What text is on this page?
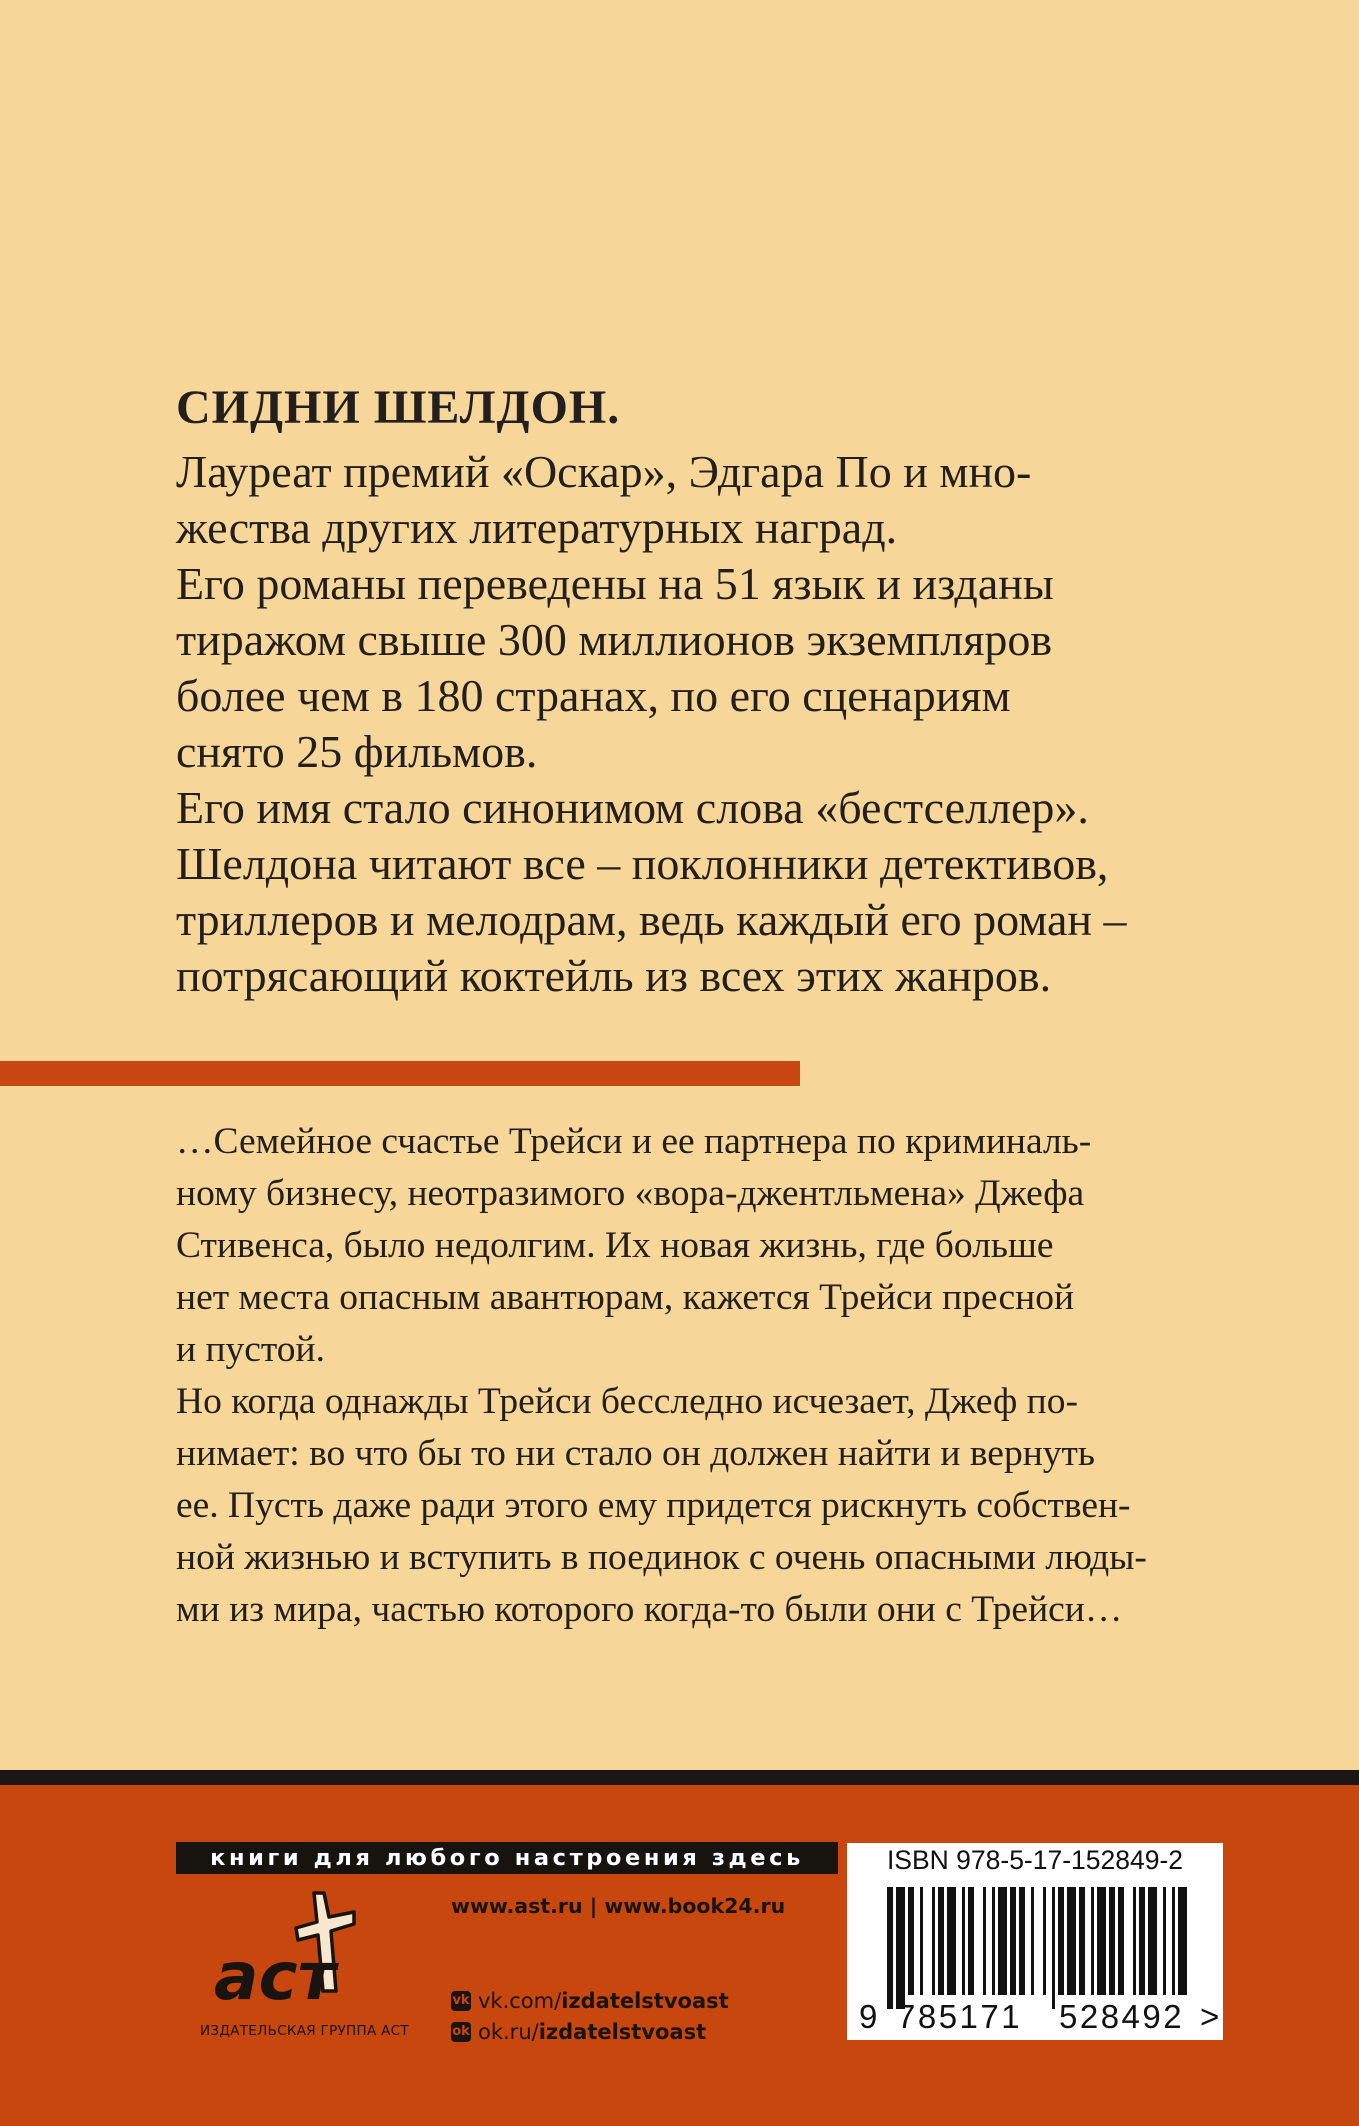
СИДНИ ШЕЛДОН.

Лауреат премий «Оскар», Эдгара По и мно-

жества других литературных наград.

Его романы переведены на 51 язык и изданы

тиражом свыше 300 миллионов экземпляров

более чем в 180 странах, по его сценариям

снято 25 фильмов.

Его имя стало синонимом слова «бестселлер».

Шелдона читают все – поклонники детективов,

триллеров и мелодрам, ведь каждый его роман –

потрясающий коктейль из всех этих жанров.

…Семейное счастье Трейси и ее партнера по криминаль-

ному бизнесу, неотразимого «вора-джентльмена» Джефа

Стивенса, было недолгим. Их новая жизнь, где больше

нет места опасным авантюрам, кажется Трейси пресной

и пустой.

Но когда однажды Трейси бесследно исчезает, Джеф по-

нимает: во что бы то ни стало он должен найти и вернуть

ее. Пусть даже ради этого ему придется рискнуть собствен-

ной жизнью и вступить в поединок с очень опасными люды-

ми из мира, частью которого когда-то были они с Трейси…

книги для любого настроения здесь
аст
ИЗДАТЕЛЬСКАЯ ГРУППА АСТ
www.ast.ru | www.book24.ru
vk vk.com/ izdatelstvoast
ok ok.ru/ izdatelstvoast
ISBN 978-5-17-152849-2
9 785171 528492 >
